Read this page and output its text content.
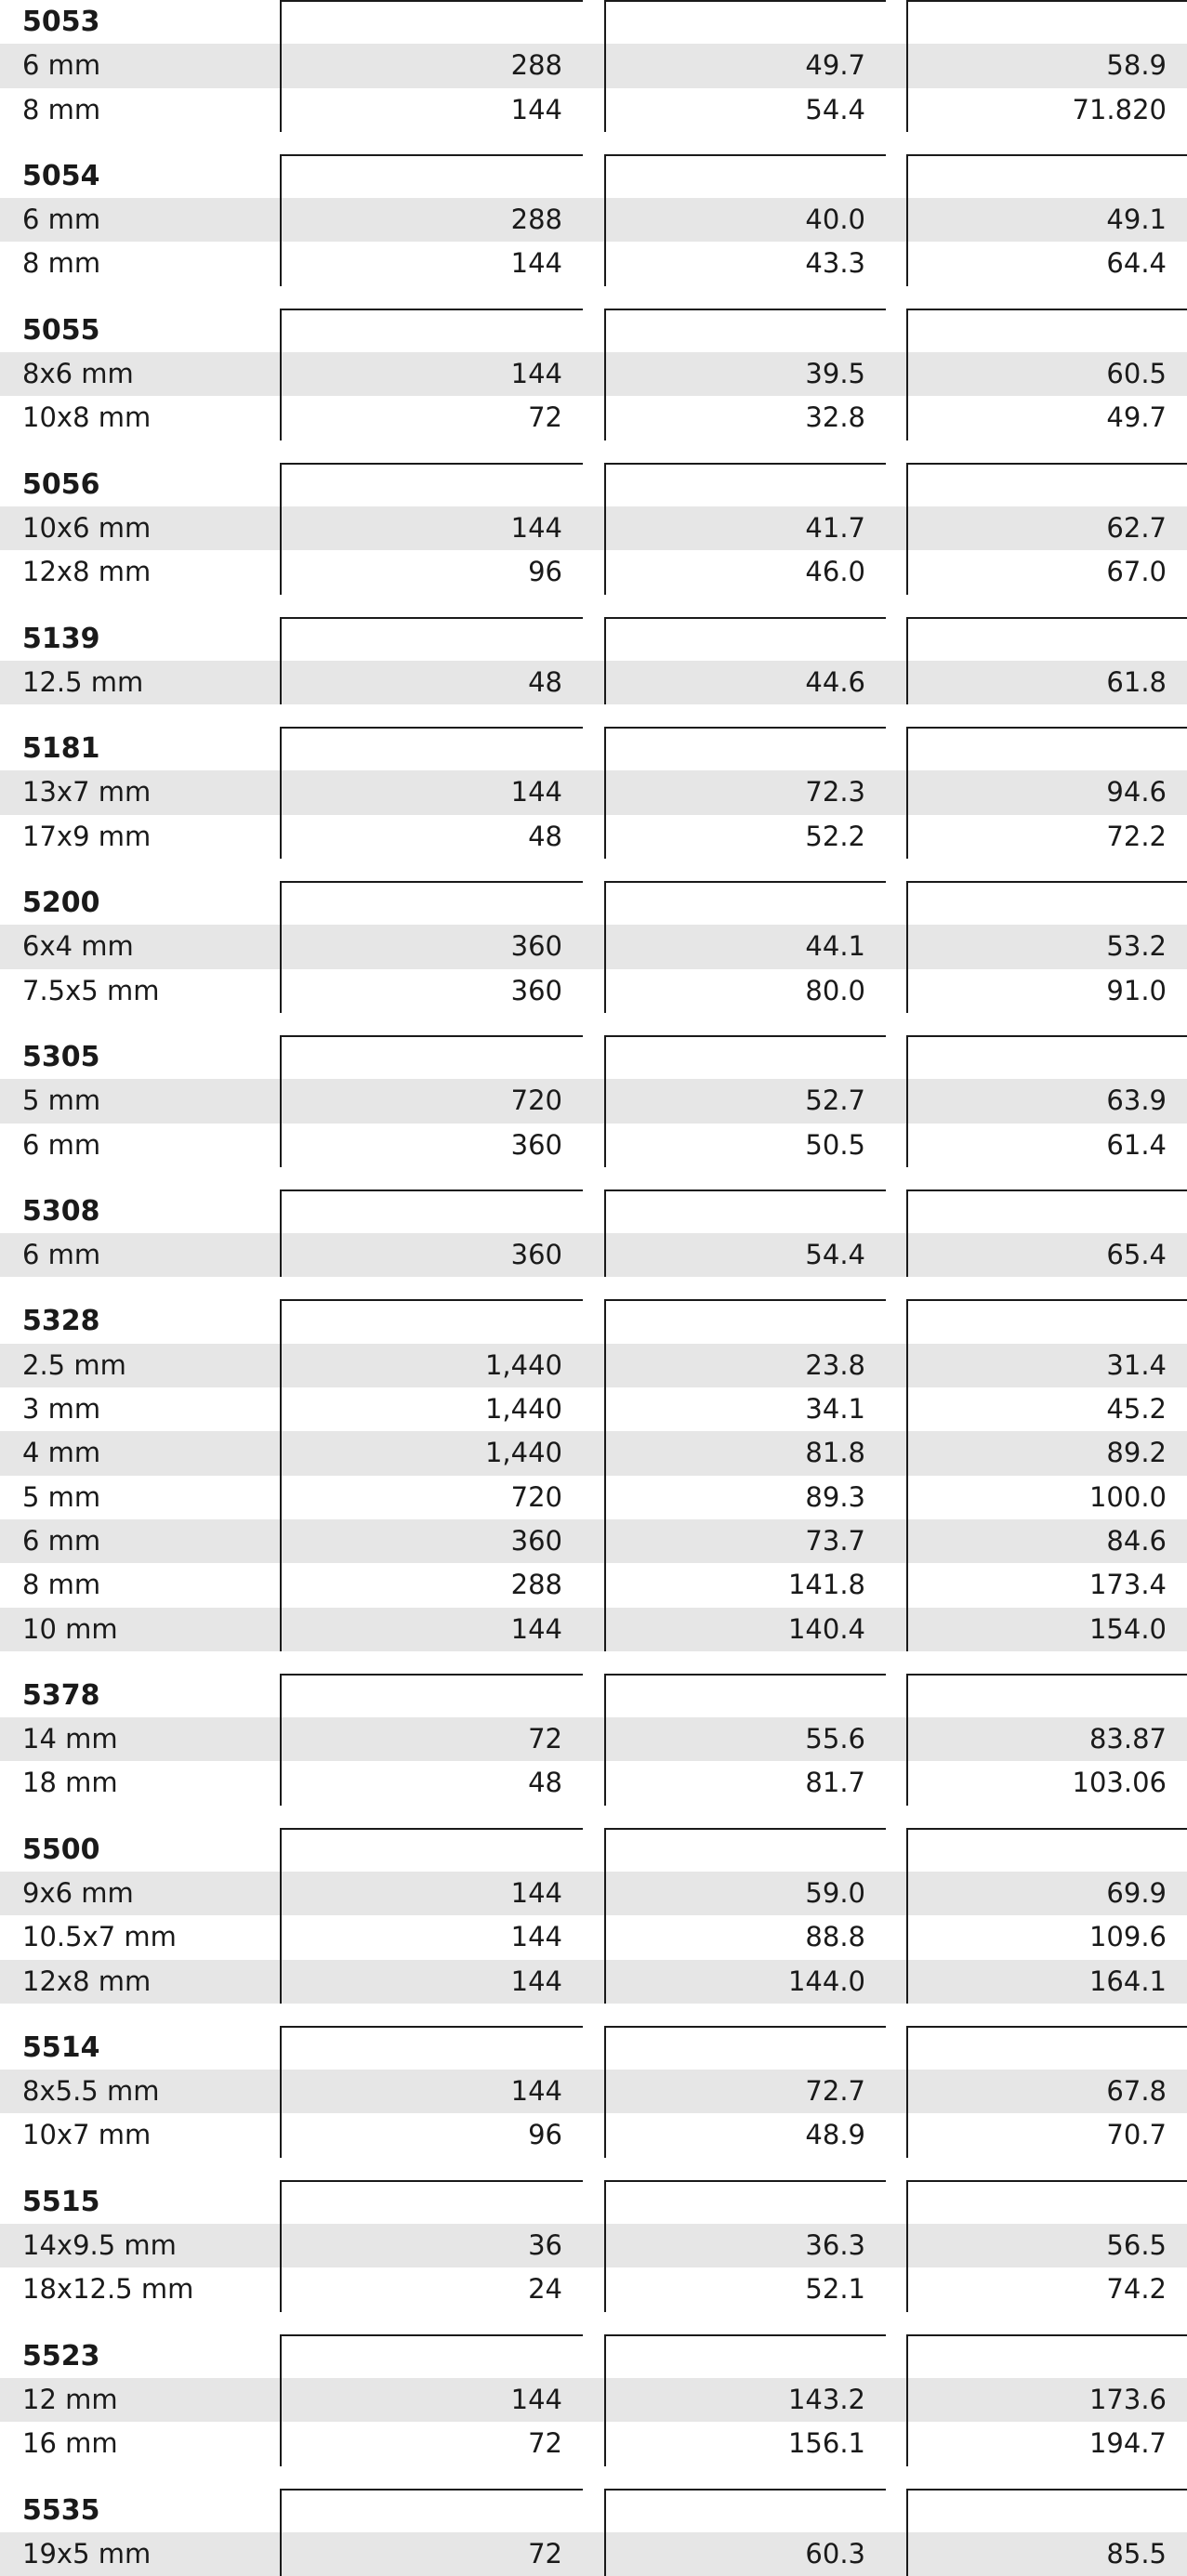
5053
6 mm	288	49.7	58.9
8 mm	144	54.4	71.820
5054
6 mm	288	40.0	49.1
8 mm	144	43.3	64.4
5055
8x6 mm	144	39.5	60.5
10x8 mm	72	32.8	49.7
5056
10x6 mm	144	41.7	62.7
12x8 mm	96	46.0	67.0
5139
12.5 mm	48	44.6	61.8
5181
13x7 mm	144	72.3	94.6
17x9 mm	48	52.2	72.2
5200
6x4 mm	360	44.1	53.2
7.5x5 mm	360	80.0	91.0
5305
5 mm	720	52.7	63.9
6 mm	360	50.5	61.4
5308
6 mm	360	54.4	65.4
5328
2.5 mm	1,440	23.8	31.4
3 mm	1,440	34.1	45.2
4 mm	1,440	81.8	89.2
5 mm	720	89.3	100.0
6 mm	360	73.7	84.6
8 mm	288	141.8	173.4
10 mm	144	140.4	154.0
5378
14 mm	72	55.6	83.87
18 mm	48	81.7	103.06
5500
9x6 mm	144	59.0	69.9
10.5x7 mm	144	88.8	109.6
12x8 mm	144	144.0	164.1
5514
8x5.5 mm	144	72.7	67.8
10x7 mm	96	48.9	70.7
5515
14x9.5 mm	36	36.3	56.5
18x12.5 mm	24	52.1	74.2
5523
12 mm	144	143.2	173.6
16 mm	72	156.1	194.7
5535
19x5 mm	72	60.3	85.5
